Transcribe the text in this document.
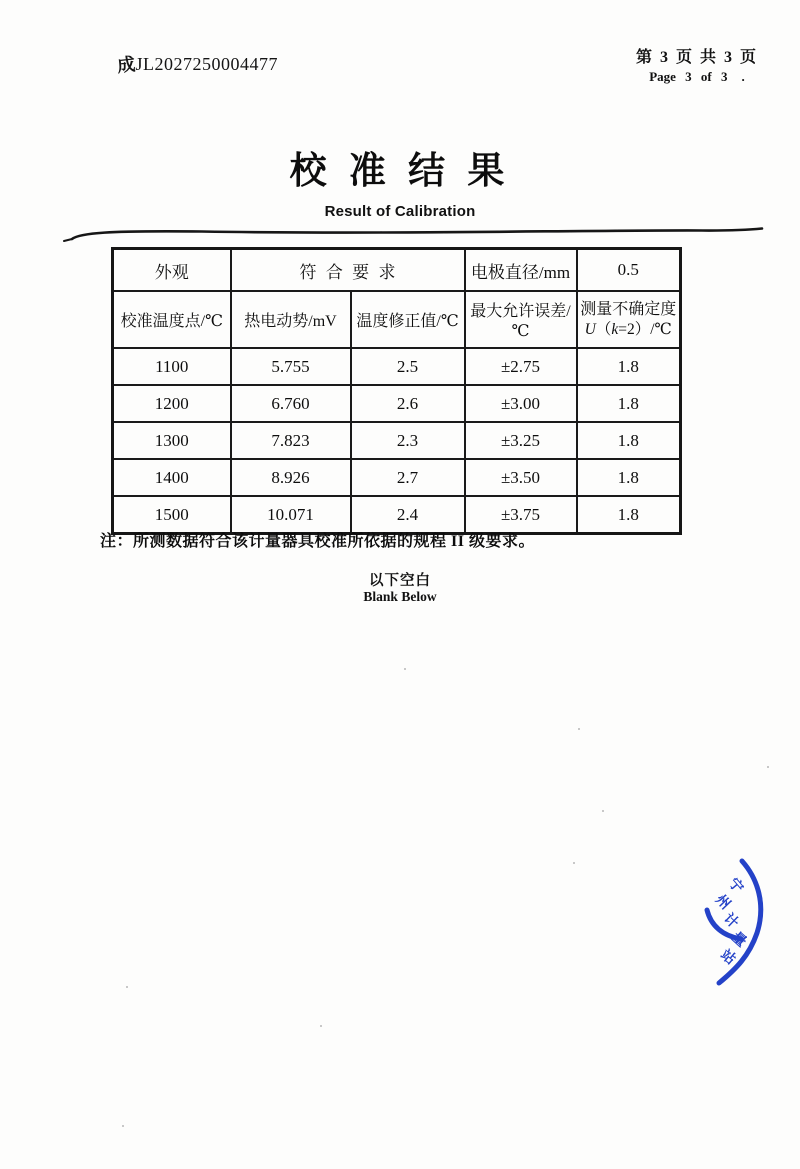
成JL2027250004477	第 3 页 共 3 页
Page 3 of 3 .
校 准 结 果
Result of Calibration
外观	符合要求		电极直径/mm	0.5
校准温度点/℃	热电动势/mV	温度修正值/℃	最大允许误差/℃	测量不确定度
U（k=2）/℃

1100	5.755	2.5	±2.75	1.8
1200	6.760	2.6	±3.00	1.8
1300	7.823	2.3	±3.25	1.8
1400	8.926	2.7	±3.50	1.8
1500	10.071	2.4	±3.75	1.8
注：所测数据符合该计量器具校准所依据的规程 II 级要求。
以下空白
Blank Below
宁
州
计
量
站
